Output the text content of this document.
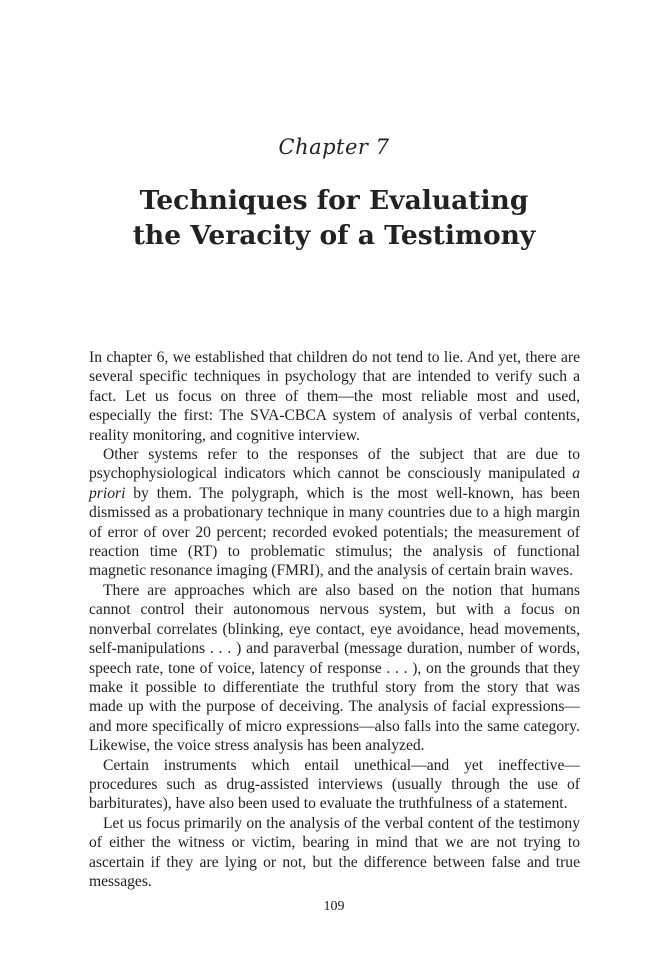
Chapter 7
Techniques for Evaluating
the Veracity of a Testimony

In chapter 6, we established that children do not tend to lie. And yet, there are several specific techniques in psychology that are intended to verify such a fact. Let us focus on three of them—the most reliable most and used, especially the first: The SVA-CBCA system of analysis of verbal contents, reality monitoring, and cognitive interview.

Other systems refer to the responses of the subject that are due to psychophysiological indicators which cannot be consciously manipulated a priori by them. The polygraph, which is the most well-known, has been dismissed as a probationary technique in many countries due to a high margin of error of over 20 percent; recorded evoked potentials; the measurement of reaction time (RT) to problematic stimulus; the analysis of functional magnetic resonance imaging (FMRI), and the analysis of certain brain waves.

There are approaches which are also based on the notion that humans cannot control their autonomous nervous system, but with a focus on nonverbal correlates (blinking, eye contact, eye avoidance, head movements, self-manipulations . . . ) and paraverbal (message duration, number of words, speech rate, tone of voice, latency of response . . . ), on the grounds that they make it possible to differentiate the truthful story from the story that was made up with the purpose of deceiving. The analysis of facial expressions—and more specifically of micro expressions—also falls into the same category. Likewise, the voice stress analysis has been analyzed.

Certain instruments which entail unethical—and yet ineffective—procedures such as drug-assisted interviews (usually through the use of barbiturates), have also been used to evaluate the truthfulness of a statement.

Let us focus primarily on the analysis of the verbal content of the testimony of either the witness or victim, bearing in mind that we are not trying to ascertain if they are lying or not, but the difference between false and true messages.

109
